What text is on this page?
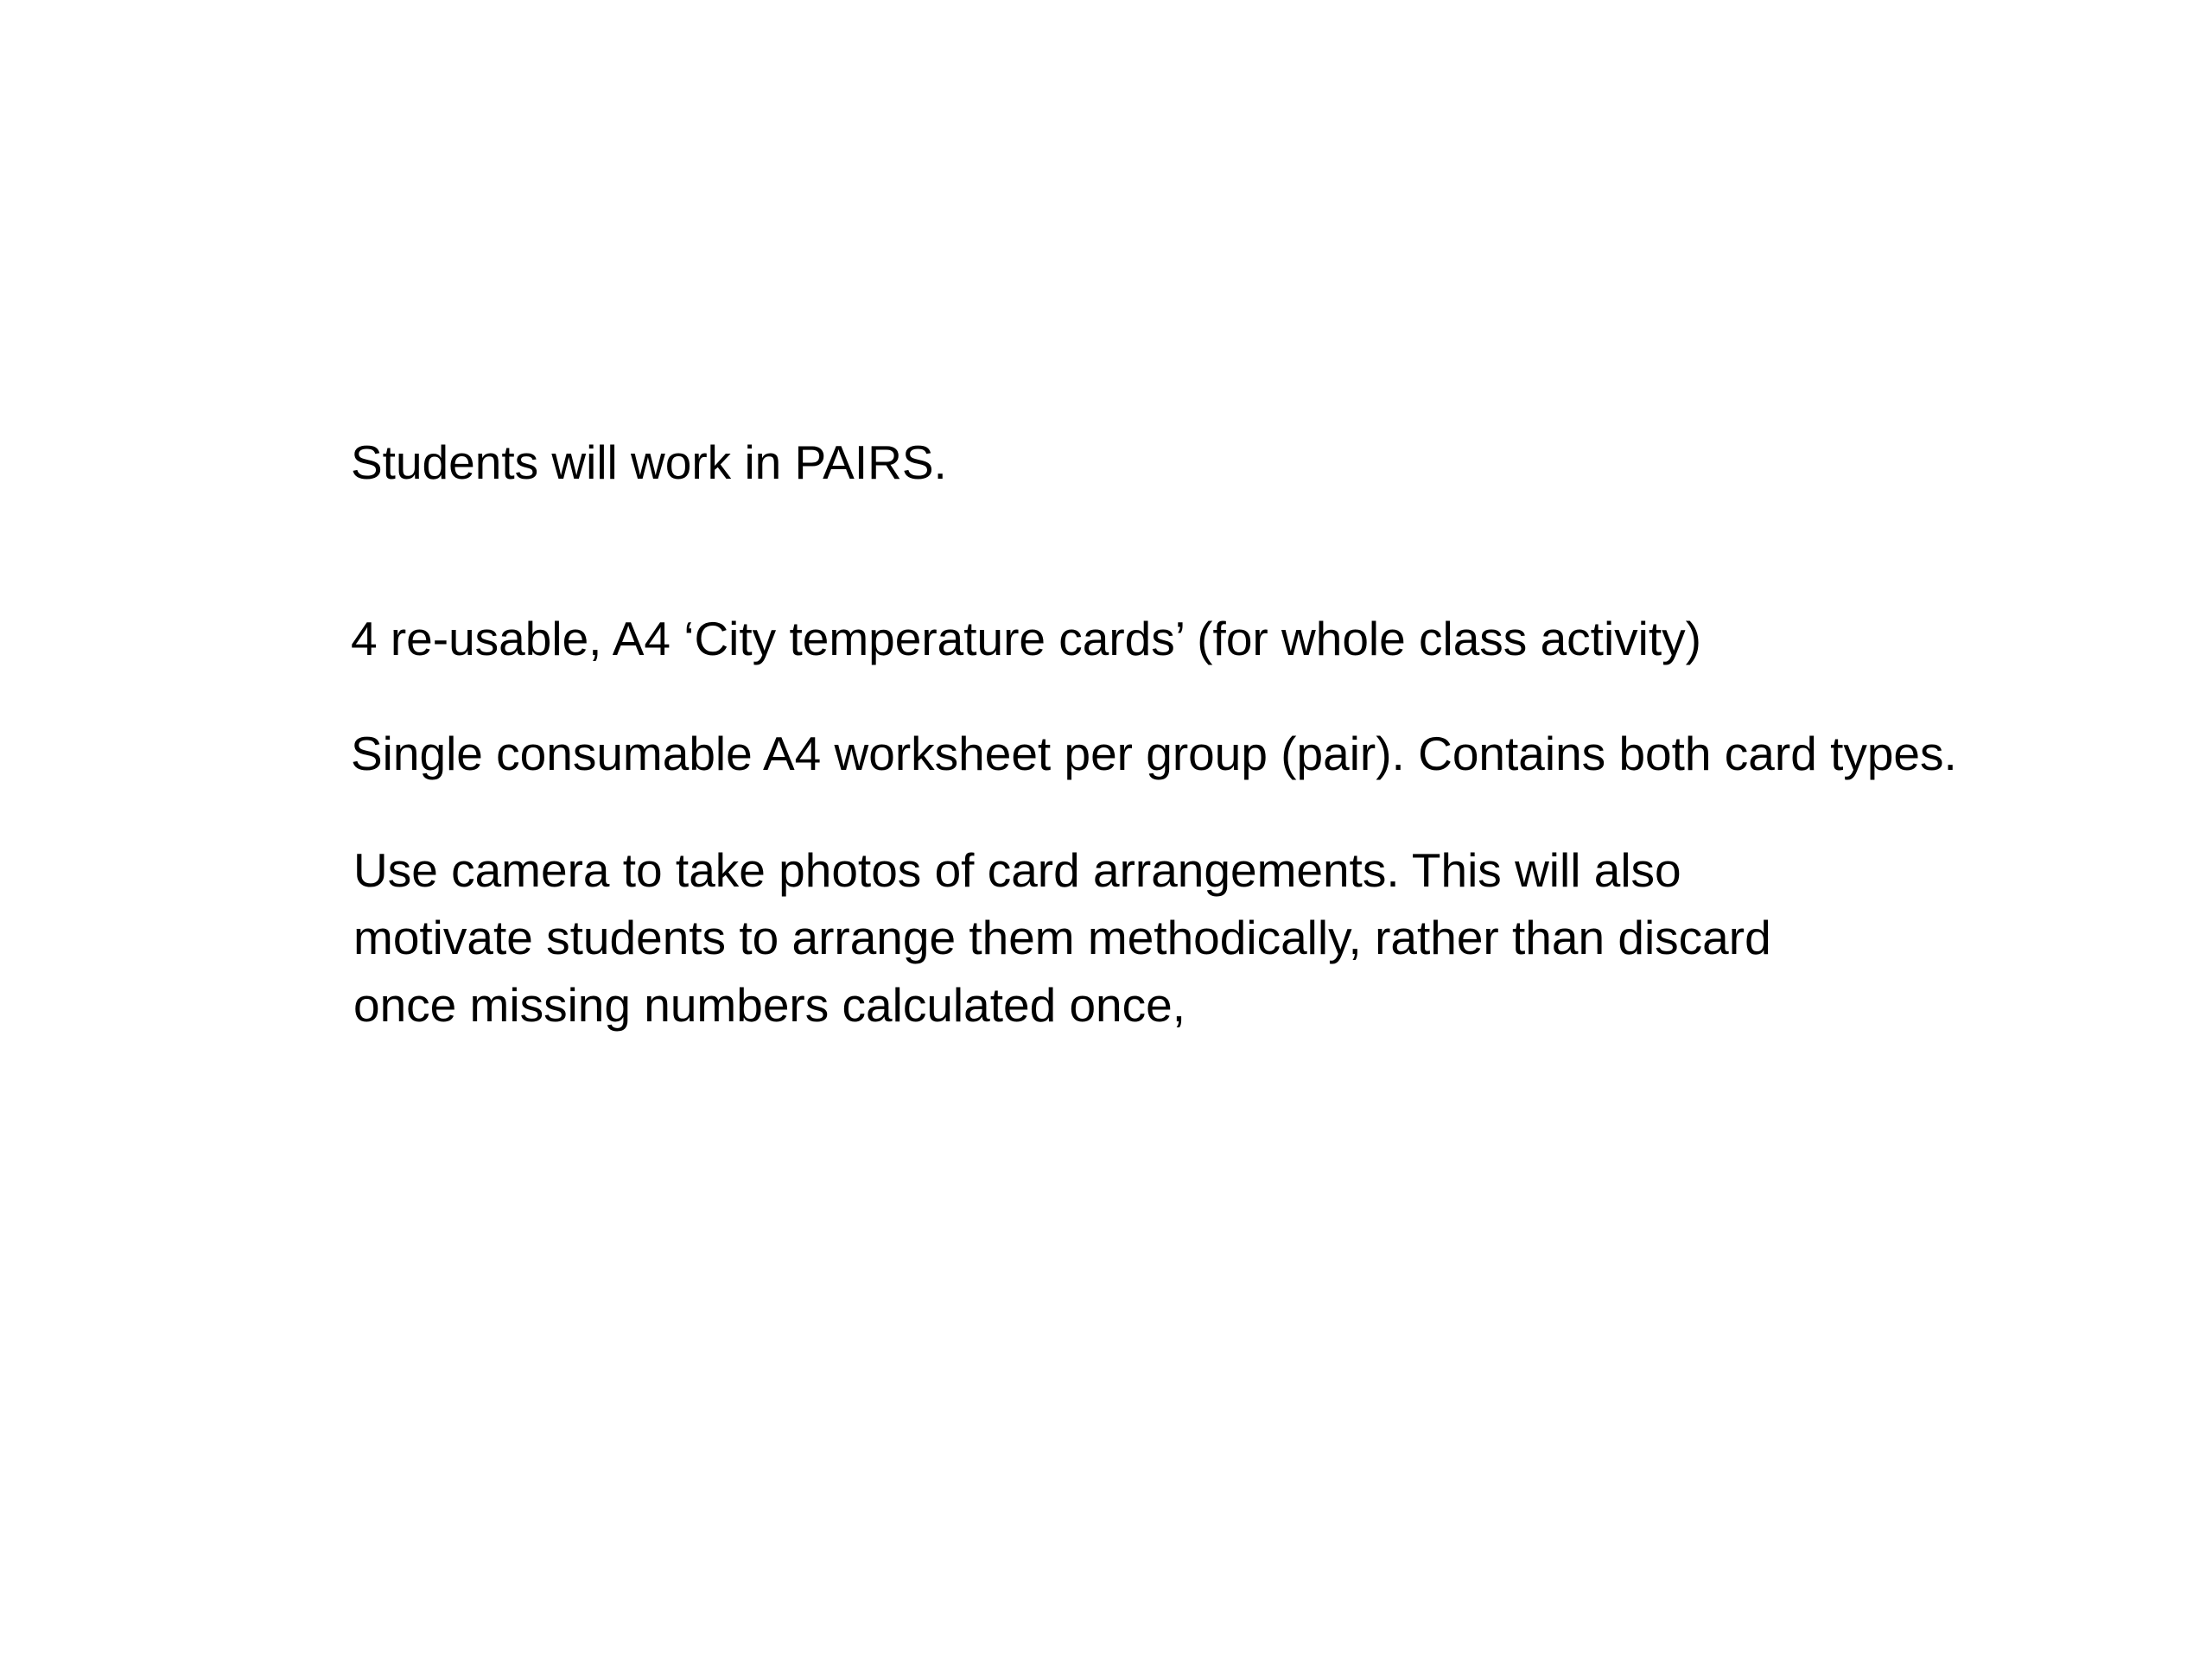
Students will work in PAIRS.
4 re-usable, A4 ‘City temperature cards’ (for whole class activity)
Single consumable A4 worksheet per group (pair). Contains both card types.
Use camera to take photos of card arrangements. This will also
motivate students to arrange them methodically, rather than discard
once missing numbers calculated once,
